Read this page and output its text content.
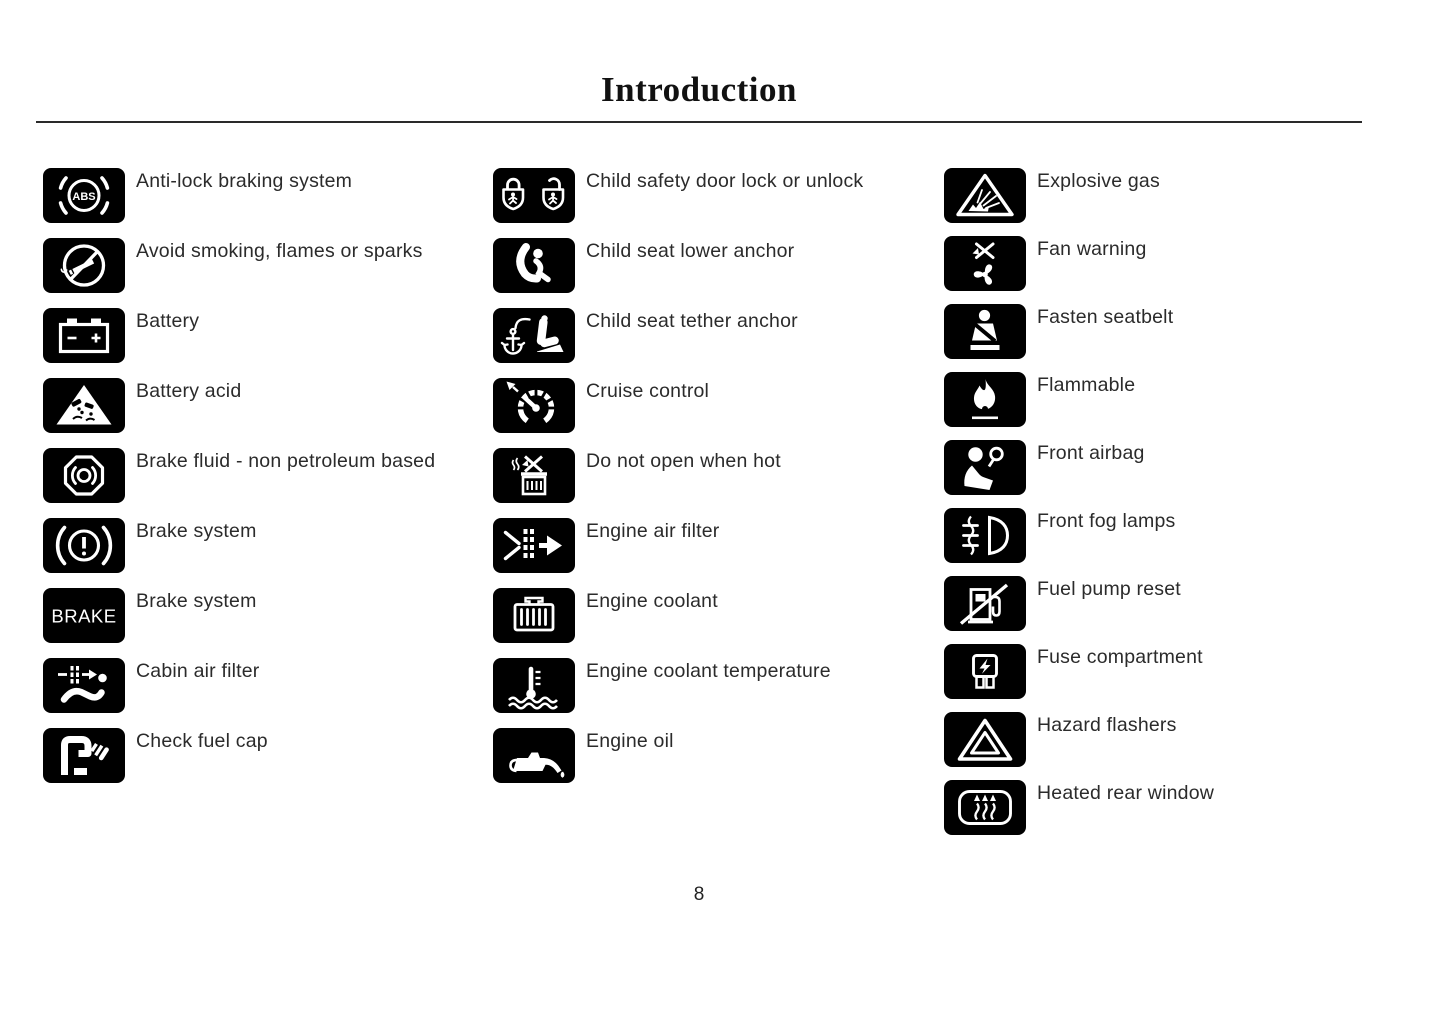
Introduction
ABS
Anti-lock braking system
Avoid smoking, flames or sparks
Battery
Battery acid
Brake fluid - non petroleum based
Brake system
BRAKE
Brake system
Cabin air filter
Check fuel cap
Child safety door lock or unlock
Child seat lower anchor
Child seat tether anchor
Cruise control
Do not open when hot
Engine air filter
Engine coolant
Engine coolant temperature
Engine oil
Explosive gas
Fan warning
Fasten seatbelt
Flammable
Front airbag
Front fog lamps
Fuel pump reset
Fuse compartment
Hazard flashers
Heated rear window
8
